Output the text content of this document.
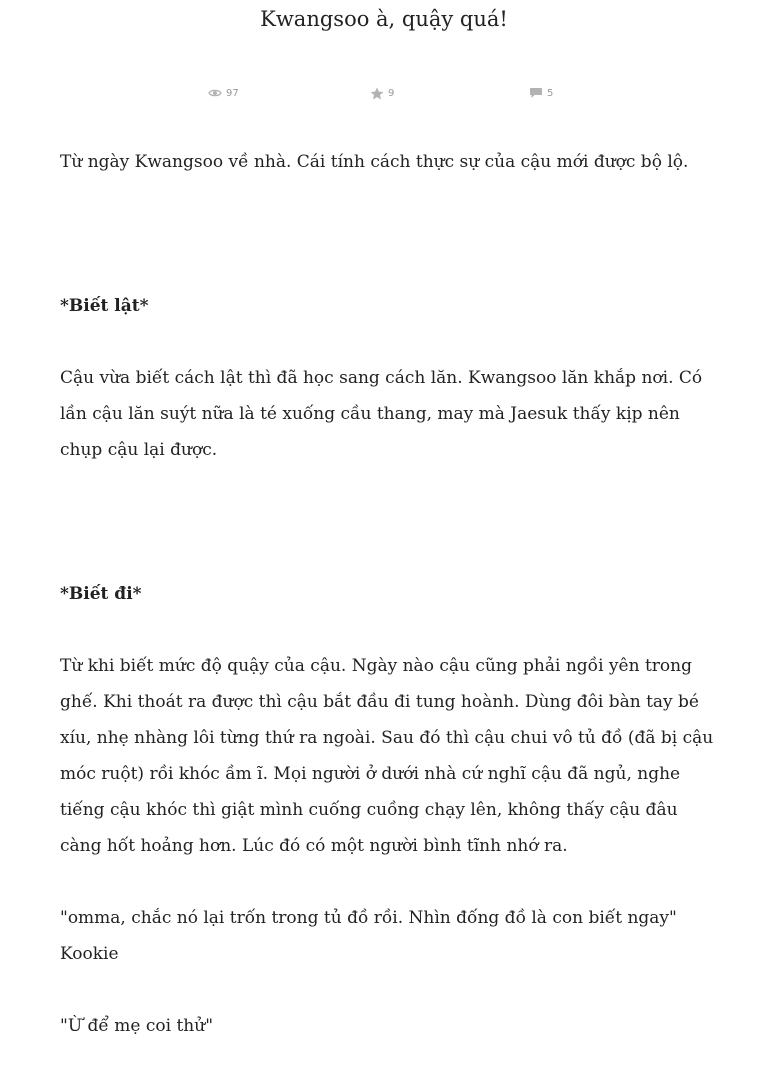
Kwangsoo à, quậy quá!
97	9	5

Từ ngày Kwangsoo về nhà. Cái tính cách thực sự của cậu mới được bộ lộ.

*Biết lật*

Cậu vừa biết cách lật thì đã học sang cách lăn. Kwangsoo lăn khắp nơi. Có lần cậu lăn suýt nữa là té xuống cầu thang, may mà Jaesuk thấy kịp nên chụp cậu lại được.

*Biết đi*

Từ khi biết mức độ quậy của cậu. Ngày nào cậu cũng phải ngồi yên trong ghế. Khi thoát ra được thì cậu bắt đầu đi tung hoành. Dùng đôi bàn tay bé xíu, nhẹ nhàng lôi từng thứ ra ngoài. Sau đó thì cậu chui vô tủ đồ (đã bị cậu móc ruột) rồi khóc ầm ĩ. Mọi người ở dưới nhà cứ nghĩ cậu đã ngủ, nghe tiếng cậu khóc thì giật mình cuống cuồng chạy lên, không thấy cậu đâu càng hốt hoảng hơn. Lúc đó có một người bình tĩnh nhớ ra.

"omma, chắc nó lại trốn trong tủ đồ rồi. Nhìn đống đồ là con biết ngay" Kookie

"Ừ để mẹ coi thử"
